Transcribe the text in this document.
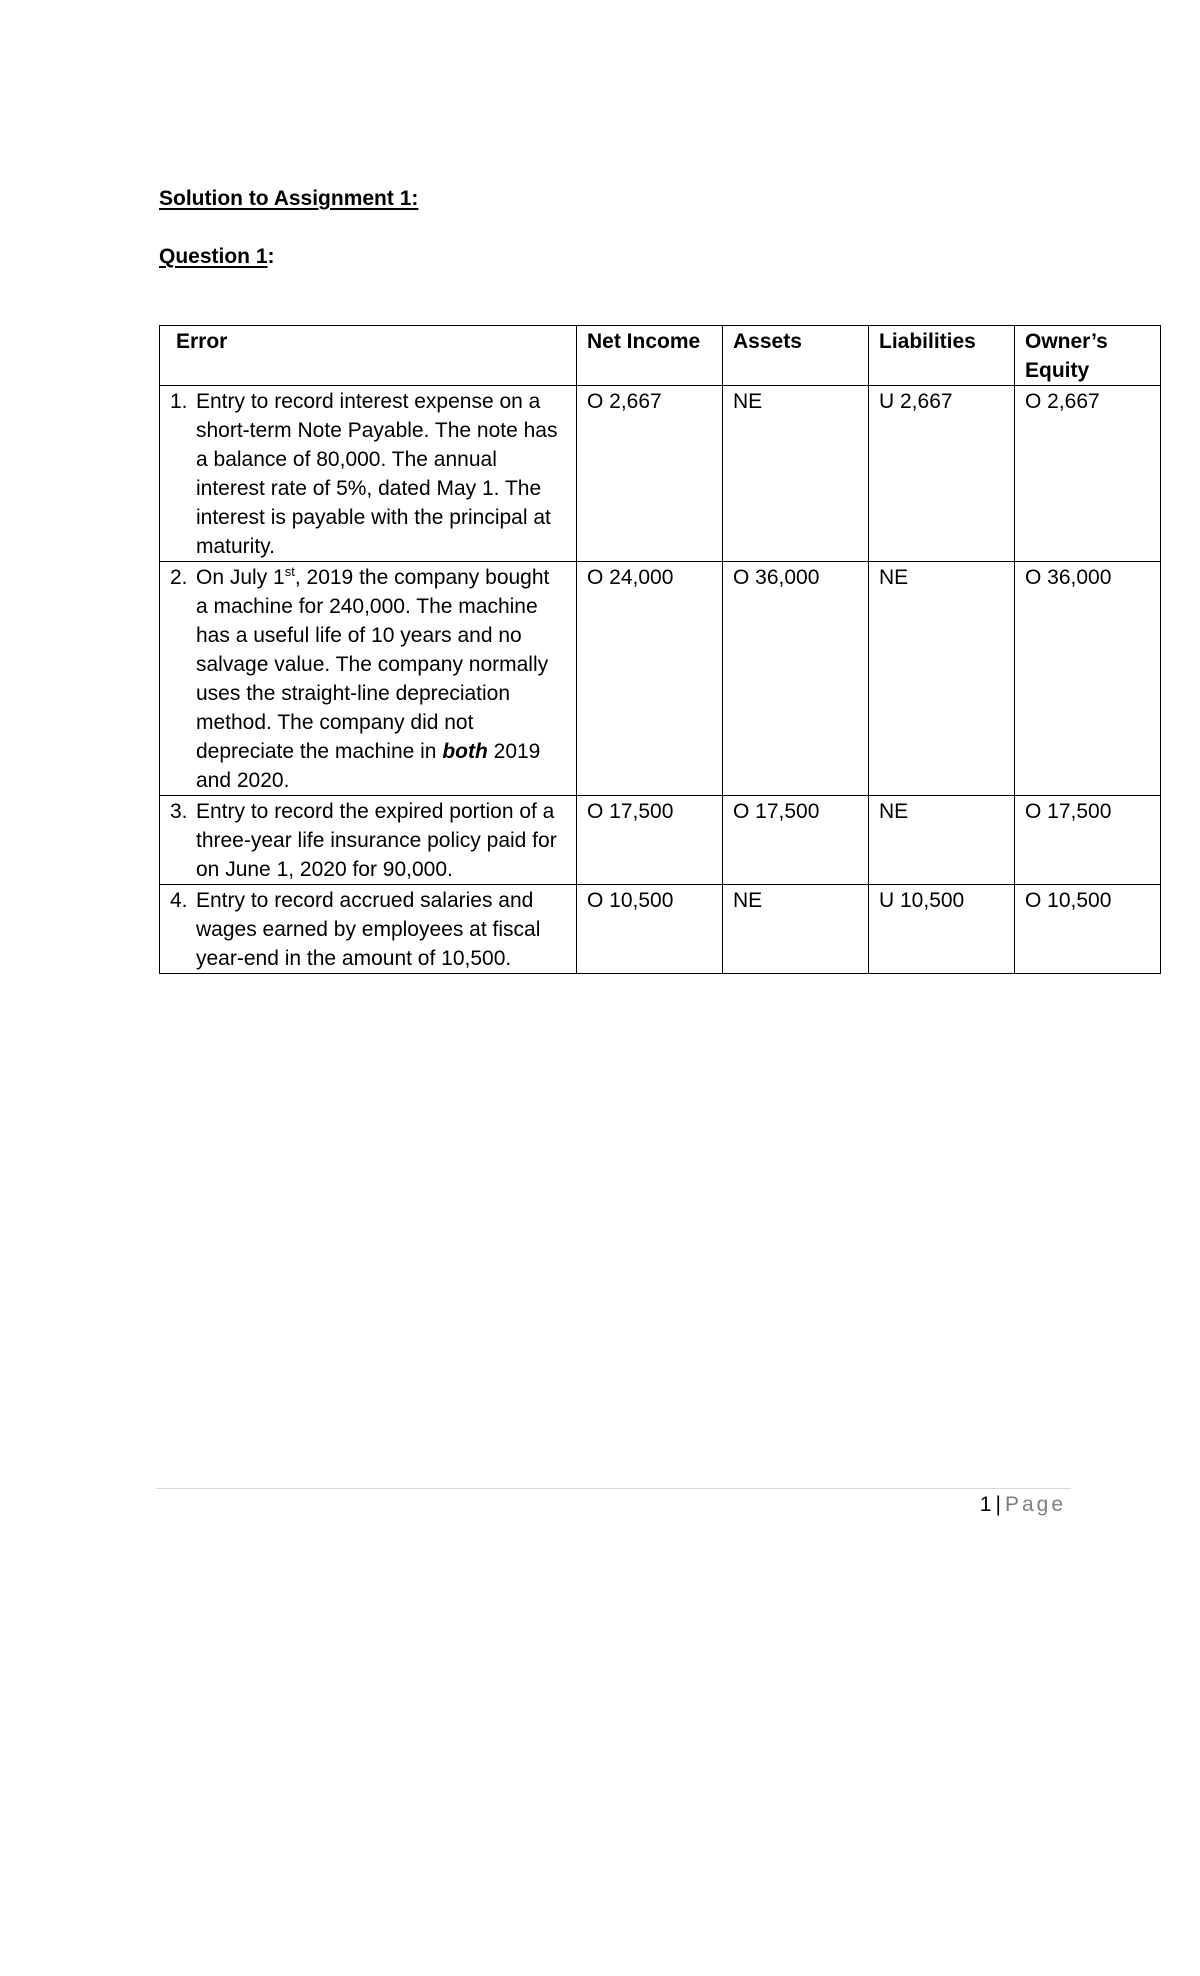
Solution to Assignment 1:
Question 1:
Error	Net Income	Assets	Liabilities	Owner’s Equity

1. Entry to record interest expense on a short-term Note Payable. The note has a balance of 80,000. The annual interest rate of 5%, dated May 1. The interest is payable with the principal at maturity.	O 2,667	NE	U 2,667	O 2,667

2. On July 1st, 2019 the company bought a machine for 240,000. The machine has a useful life of 10 years and no salvage value. The company normally uses the straight-line depreciation method. The company did not depreciate the machine in both 2019 and 2020.	O 24,000	O 36,000	NE	O 36,000

3. Entry to record the expired portion of a three-year life insurance policy paid for on June 1, 2020 for 90,000.	O 17,500	O 17,500	NE	O 17,500

4. Entry to record accrued salaries and wages earned by employees at fiscal year-end in the amount of 10,500.	O 10,500	NE	U 10,500	O 10,500
1 | Page
